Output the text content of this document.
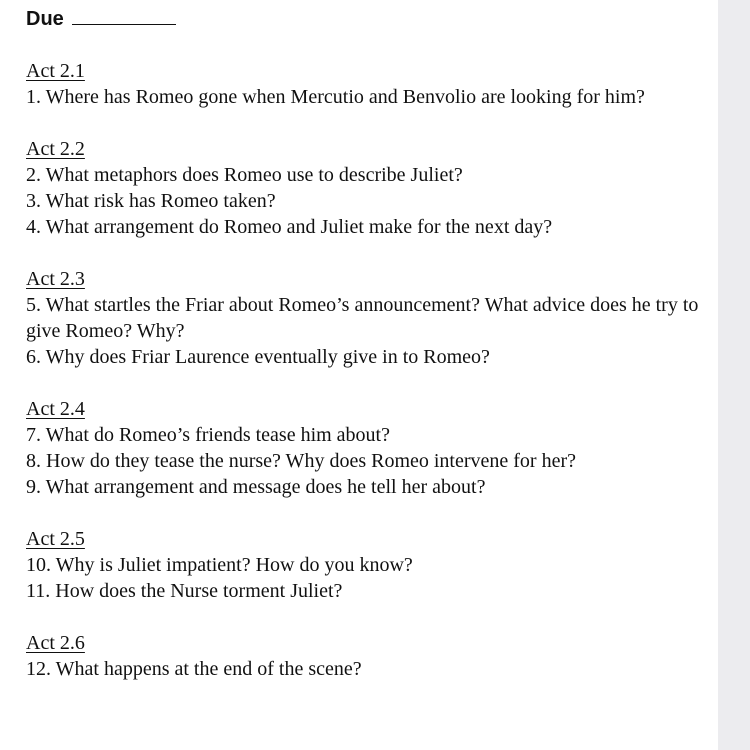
Due
Act 2.1

1. Where has Romeo gone when Mercutio and Benvolio are looking for him?

Act 2.2

2. What metaphors does Romeo use to describe Juliet?

3. What risk has Romeo taken?

4. What arrangement do Romeo and Juliet make for the next day?

Act 2.3

5. What startles the Friar about Romeo’s announcement? What advice does he try to give Romeo? Why?

6. Why does Friar Laurence eventually give in to Romeo?

Act 2.4

7. What do Romeo’s friends tease him about?

8. How do they tease the nurse? Why does Romeo intervene for her?

9. What arrangement and message does he tell her about?

Act 2.5

10. Why is Juliet impatient? How do you know?

11. How does the Nurse torment Juliet?

Act 2.6

12. What happens at the end of the scene?
